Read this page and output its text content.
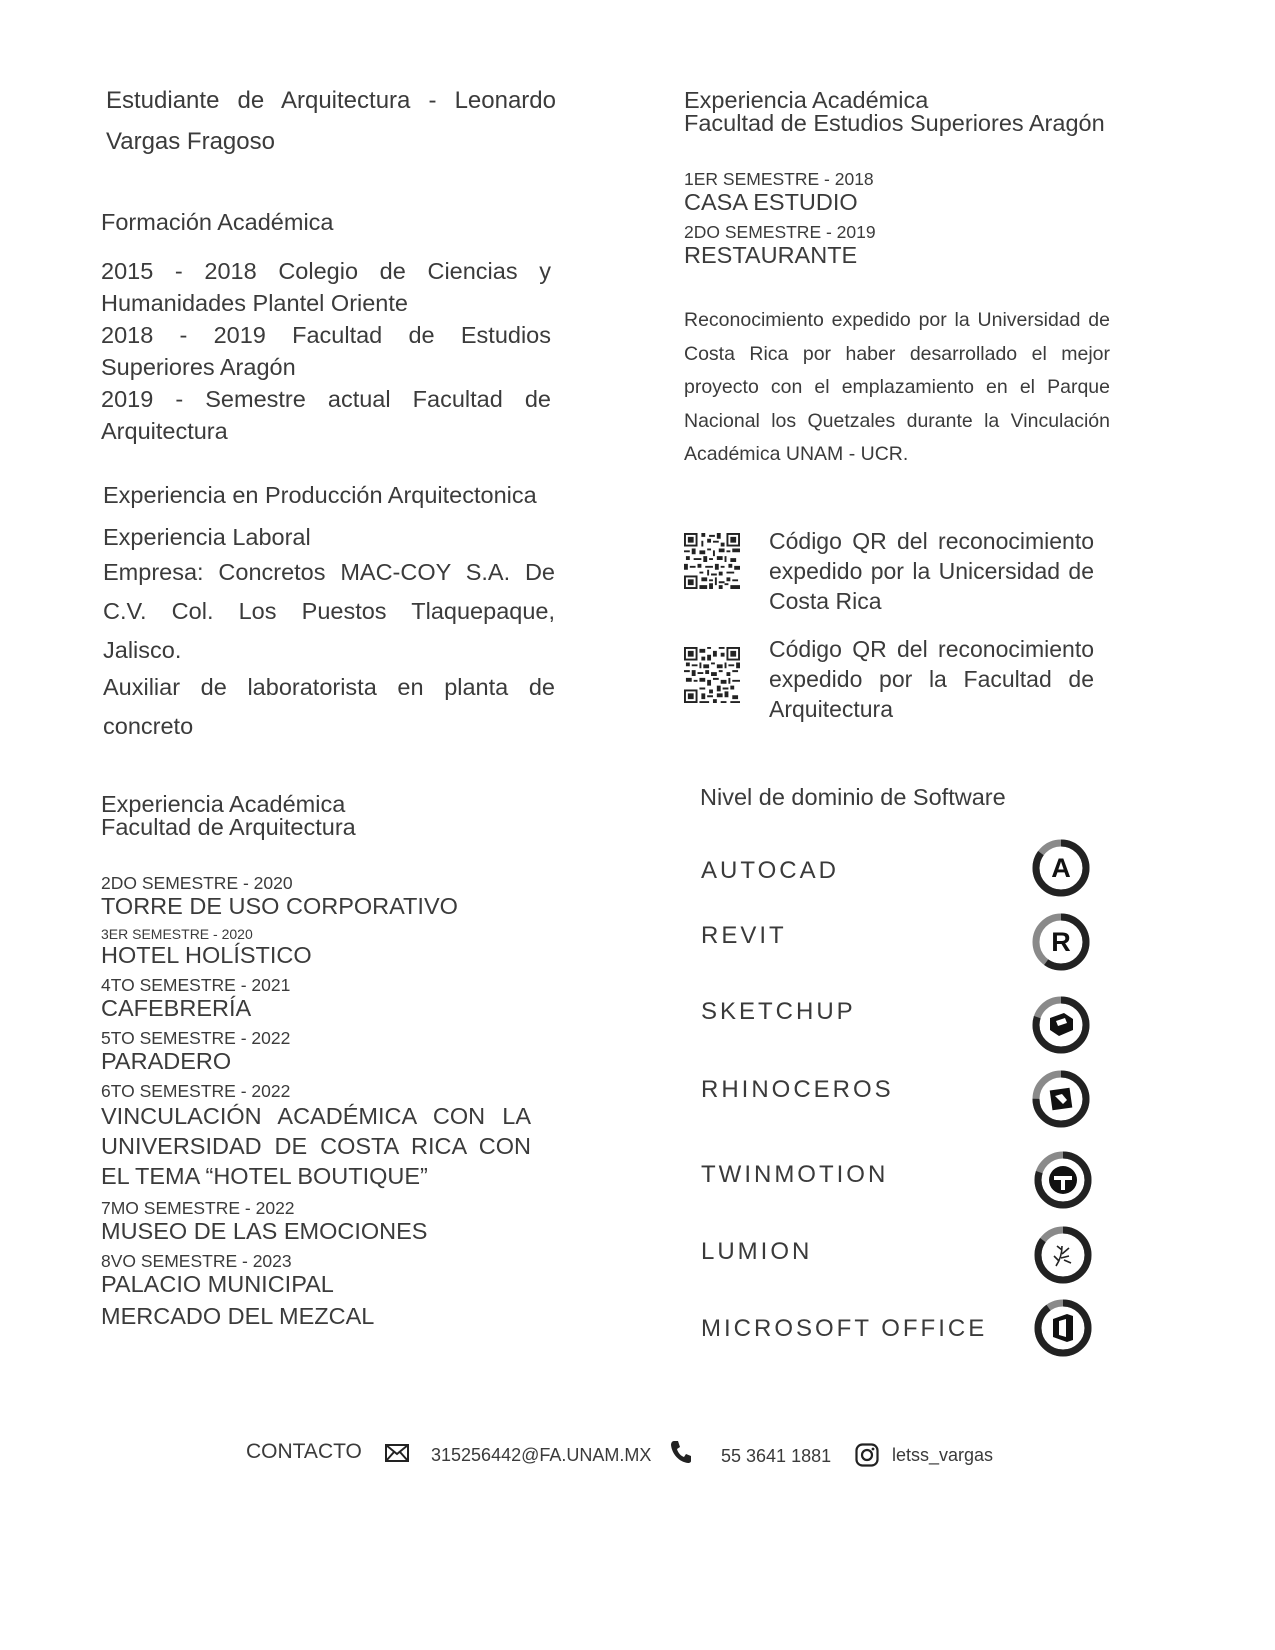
Estudiante de Arquitectura - Leonardo Vargas Fragoso
Formación Académica
2015 - 2018 Colegio de Ciencias y Humanidades Plantel Oriente
2018 - 2019 Facultad de Estudios Superiores Aragón
2019 - Semestre actual Facultad de Arquitectura
Experiencia en Producción Arquitectonica
Experiencia Laboral
Empresa: Concretos MAC-COY S.A. De C.V. Col. Los Puestos Tlaquepaque, Jalisco.
Auxiliar de laboratorista en planta de concreto
Experiencia Académica
Facultad de Arquitectura
2DO SEMESTRE - 2020
TORRE DE USO CORPORATIVO
3ER SEMESTRE - 2020
HOTEL HOLÍSTICO
4TO SEMESTRE - 2021
CAFEBRERÍA
5TO SEMESTRE - 2022
PARADERO
6TO SEMESTRE - 2022
VINCULACIÓN ACADÉMICA CON LA UNIVERSIDAD DE COSTA RICA CON EL TEMA “HOTEL BOUTIQUE”
7MO SEMESTRE - 2022
MUSEO DE LAS EMOCIONES
8VO SEMESTRE - 2023
PALACIO MUNICIPAL
MERCADO DEL MEZCAL
Experiencia Académica
Facultad de Estudios Superiores Aragón
1ER SEMESTRE - 2018
CASA ESTUDIO
2DO SEMESTRE - 2019
RESTAURANTE
Reconocimiento expedido por la Universidad de Costa Rica por haber desarrollado el mejor proyecto con el emplazamiento en el Parque Nacional los Quetzales durante la Vinculación Académica UNAM - UCR.
Código QR del reconocimiento expedido por la Unicersidad de Costa Rica
Código QR del reconocimiento expedido por la Facultad de Arquitectura
Nivel de dominio de Software
AUTOCAD	A
REVIT	R
SKETCHUP
RHINOCEROS
TWINMOTION
LUMION
MICROSOFT OFFICE
CONTACTO	315256442@FA.UNAM.MX	55 3641 1881	letss_vargas
